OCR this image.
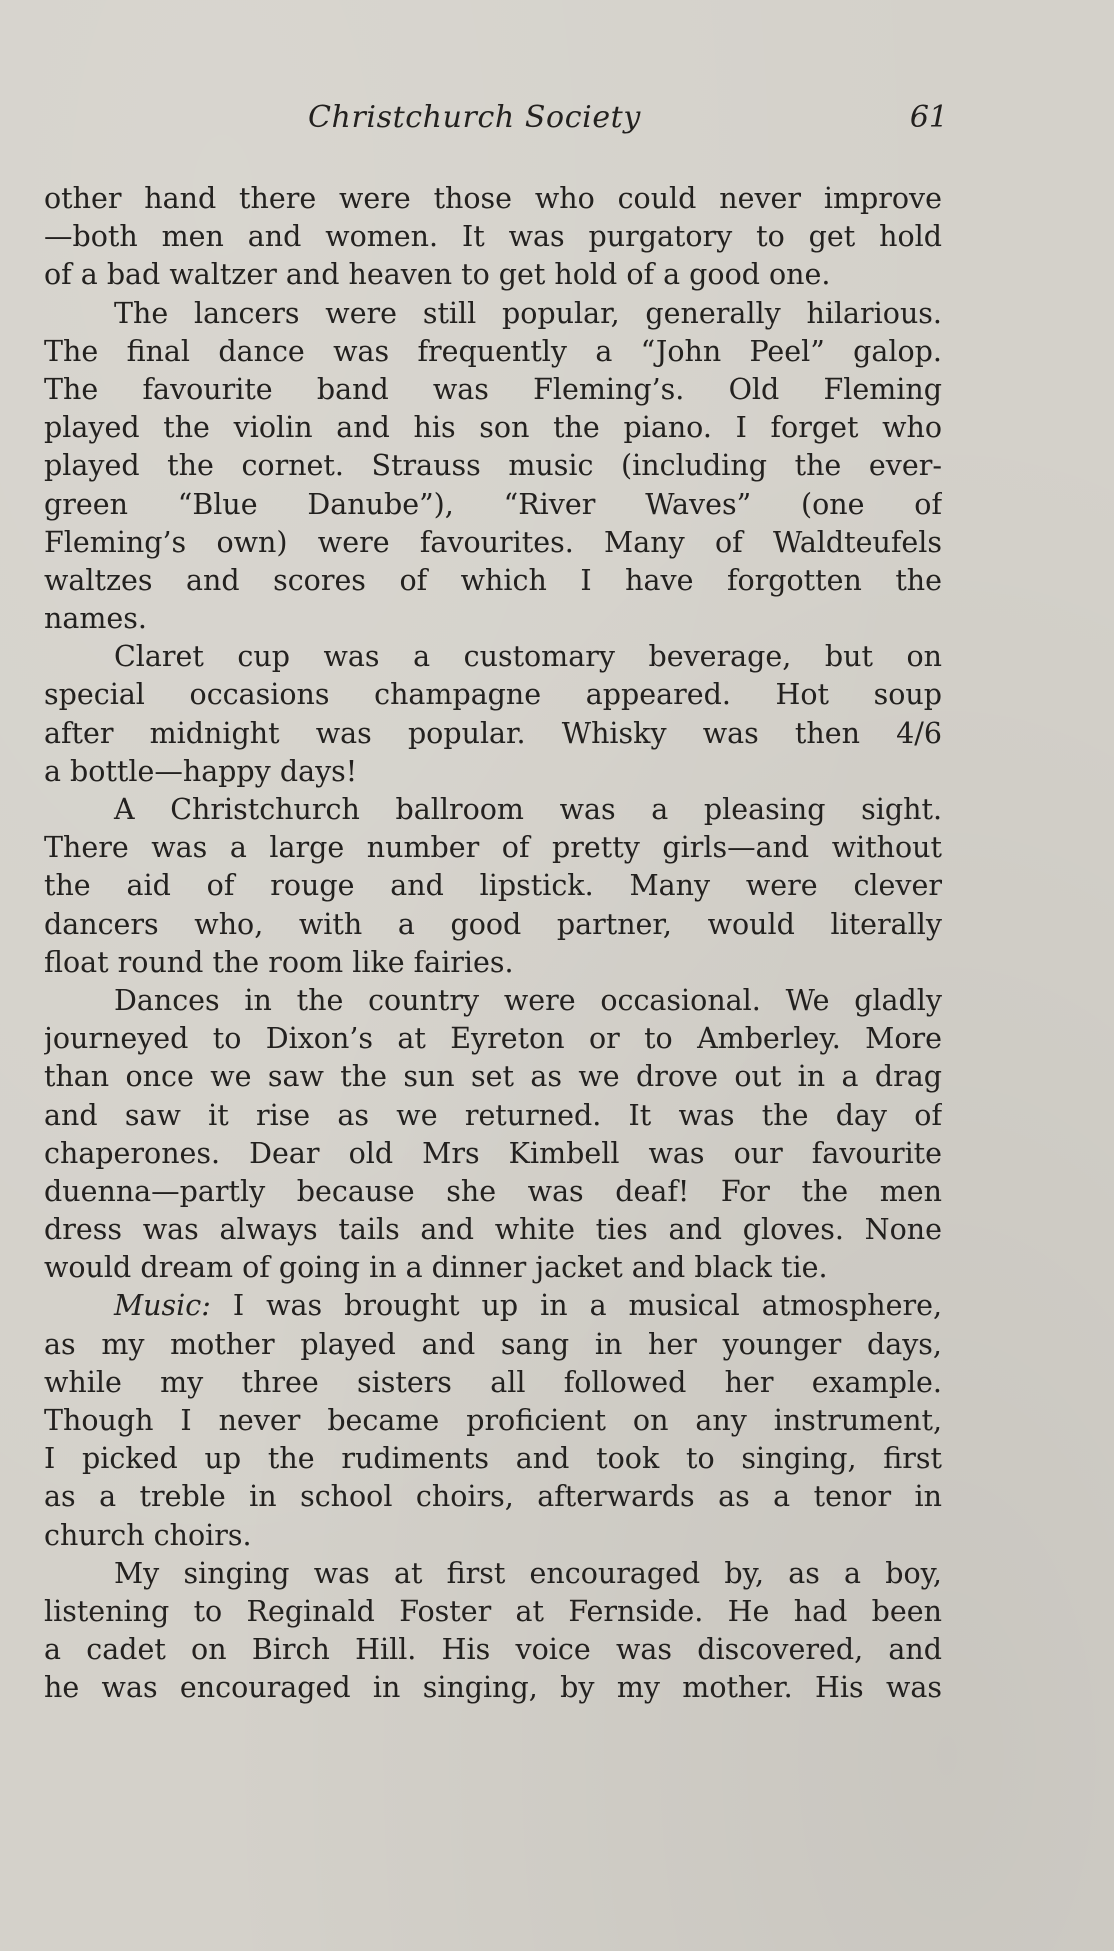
Christchurch Society	61
other hand there were those who could never improve
—both men and women. It was purgatory to get hold
of a bad waltzer and heaven to get hold of a good one.
The lancers were still popular, generally hilarious.
The final dance was frequently a “John Peel” galop.
The favourite band was Fleming’s. Old Fleming
played the violin and his son the piano. I forget who
played the cornet. Strauss music (including the ever-
green “Blue Danube”), “River Waves” (one of
Fleming’s own) were favourites. Many of Waldteufels
waltzes and scores of which I have forgotten the
names.
Claret cup was a customary beverage, but on
special occasions champagne appeared. Hot soup
after midnight was popular. Whisky was then 4/6
a bottle—happy days!
A Christchurch ballroom was a pleasing sight.
There was a large number of pretty girls—and without
the aid of rouge and lipstick. Many were clever
dancers who, with a good partner, would literally
float round the room like fairies.
Dances in the country were occasional. We gladly
journeyed to Dixon’s at Eyreton or to Amberley. More
than once we saw the sun set as we drove out in a drag
and saw it rise as we returned. It was the day of
chaperones. Dear old Mrs Kimbell was our favourite
duenna—partly because she was deaf! For the men
dress was always tails and white ties and gloves. None
would dream of going in a dinner jacket and black tie.
Music: I was brought up in a musical atmosphere,
as my mother played and sang in her younger days,
while my three sisters all followed her example.
Though I never became proficient on any instrument,
I picked up the rudiments and took to singing, first
as a treble in school choirs, afterwards as a tenor in
church choirs.
My singing was at first encouraged by, as a boy,
listening to Reginald Foster at Fernside. He had been
a cadet on Birch Hill. His voice was discovered, and
he was encouraged in singing, by my mother. His was
